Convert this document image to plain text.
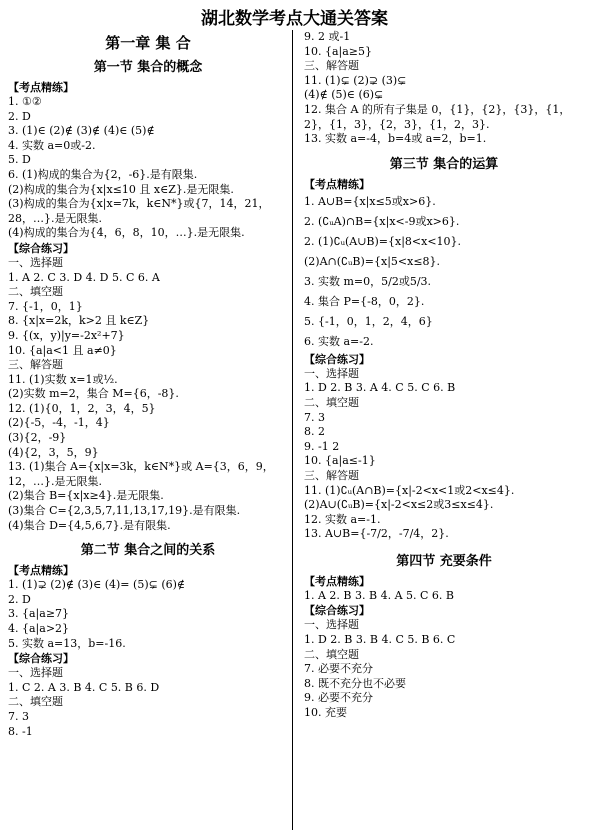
湖北数学考点大通关答案
第一章 集 合
第一节 集合的概念
【考点精练】
1. ①②
2. D
3. (1)∈ (2)∉ (3)∉ (4)∈ (5)∉
4. 实数 a=0或-2.
5. D
6. (1)构成的集合为{2，-6}.是有限集.
(2)构成的集合为{x|x≤10 且 x∈Z}.是无限集.
(3)构成的集合为{x|x=7k，k∈N*}或{7，14，21，
28，…}.是无限集.
(4)构成的集合为{4，6，8，10，…}.是无限集.
【综合练习】
一、选择题
1. A 2. C 3. D 4. D 5. C 6. A
二、填空题
7. {-1，0，1}
8. {x|x=2k，k>2 且 k∈Z}
9. {(x，y)|y=-2x²+7}
10. {a|a<1 且 a≠0}
三、解答题
11. (1)实数 x=1或½.
(2)实数 m=2，集合 M={6，-8}.
12. (1){0，1，2，3，4，5}
(2){-5，-4，-1，4}
(3){2，-9}
(4){2，3，5，9}
13. (1)集合 A={x|x=3k，k∈N*}或 A={3，6，9，
12，…}.是无限集.
(2)集合 B={x|x≥4}.是无限集.
(3)集合 C={2,3,5,7,11,13,17,19}.是有限集.
(4)集合 D={4,5,6,7}.是有限集.
第二节 集合之间的关系
【考点精练】
1. (1)⊋ (2)∉ (3)∈ (4)= (5)⊊ (6)∉
2. D
3. {a|a≥7}
4. {a|a>2}
5. 实数 a=13，b=-16.
【综合练习】
一、选择题
1. C 2. A 3. B 4. C 5. B 6. D
二、填空题
7. 3
8. -1
9. 2 或-1
10. {a|a≥5}
三、解答题
11. (1)⊊ (2)⊋ (3)⊊
(4)∉ (5)∈ (6)⊊
12. 集合 A 的所有子集是 0，{1}，{2}，{3}，{1，
2}，{1，3}，{2，3}，{1，2，3}.
13. 实数 a=-4，b=4或 a=2，b=1.
第三节 集合的运算
【考点精练】
1. A∪B={x|x≤5或x>6}.
2. (∁ᵤA)∩B={x|x<-9或x>6}.
2. (1)∁ᵤ(A∪B)={x|8<x<10}.
(2)A∩(∁ᵤB)={x|5<x≤8}.
3. 实数 m=0，5/2或5/3.
4. 集合 P={-8，0，2}.
5. {-1，0，1，2，4，6}
6. 实数 a=-2.
【综合练习】
一、选择题
1. D 2. B 3. A 4. C 5. C 6. B
二、填空题
7. 3
8. 2
9. -1 2
10. {a|a≤-1}
三、解答题
11. (1)∁ᵤ(A∩B)={x|-2<x<1或2<x≤4}.
(2)A∪(∁ᵤB)={x|-2<x≤2或3≤x≤4}.
12. 实数 a=-1.
13. A∪B={-7/2，-7/4，2}.
第四节 充要条件
【考点精练】
1. A 2. B 3. B 4. A 5. C 6. B
【综合练习】
一、选择题
1. D 2. B 3. B 4. C 5. B 6. C
二、填空题
7. 必要不充分
8. 既不充分也不必要
9. 必要不充分
10. 充要
